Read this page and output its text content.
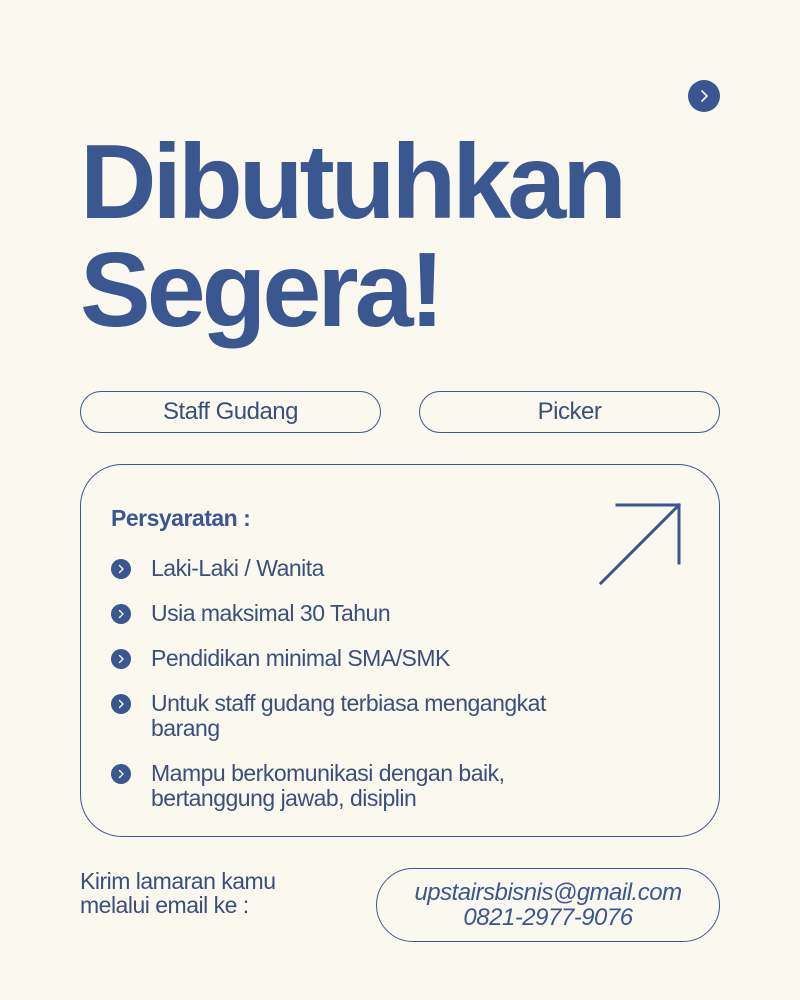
Dibutuhkan
Segera!
Staff Gudang	Picker
Persyaratan :
Laki-Laki / Wanita
Usia maksimal 30 Tahun
Pendidikan minimal SMA/SMK
Untuk staff gudang terbiasa mengangkat barang
Mampu berkomunikasi dengan baik, bertanggung jawab, disiplin
Kirim lamaran kamu
melalui email ke :	upstairsbisnis@gmail.com
0821-2977-9076
